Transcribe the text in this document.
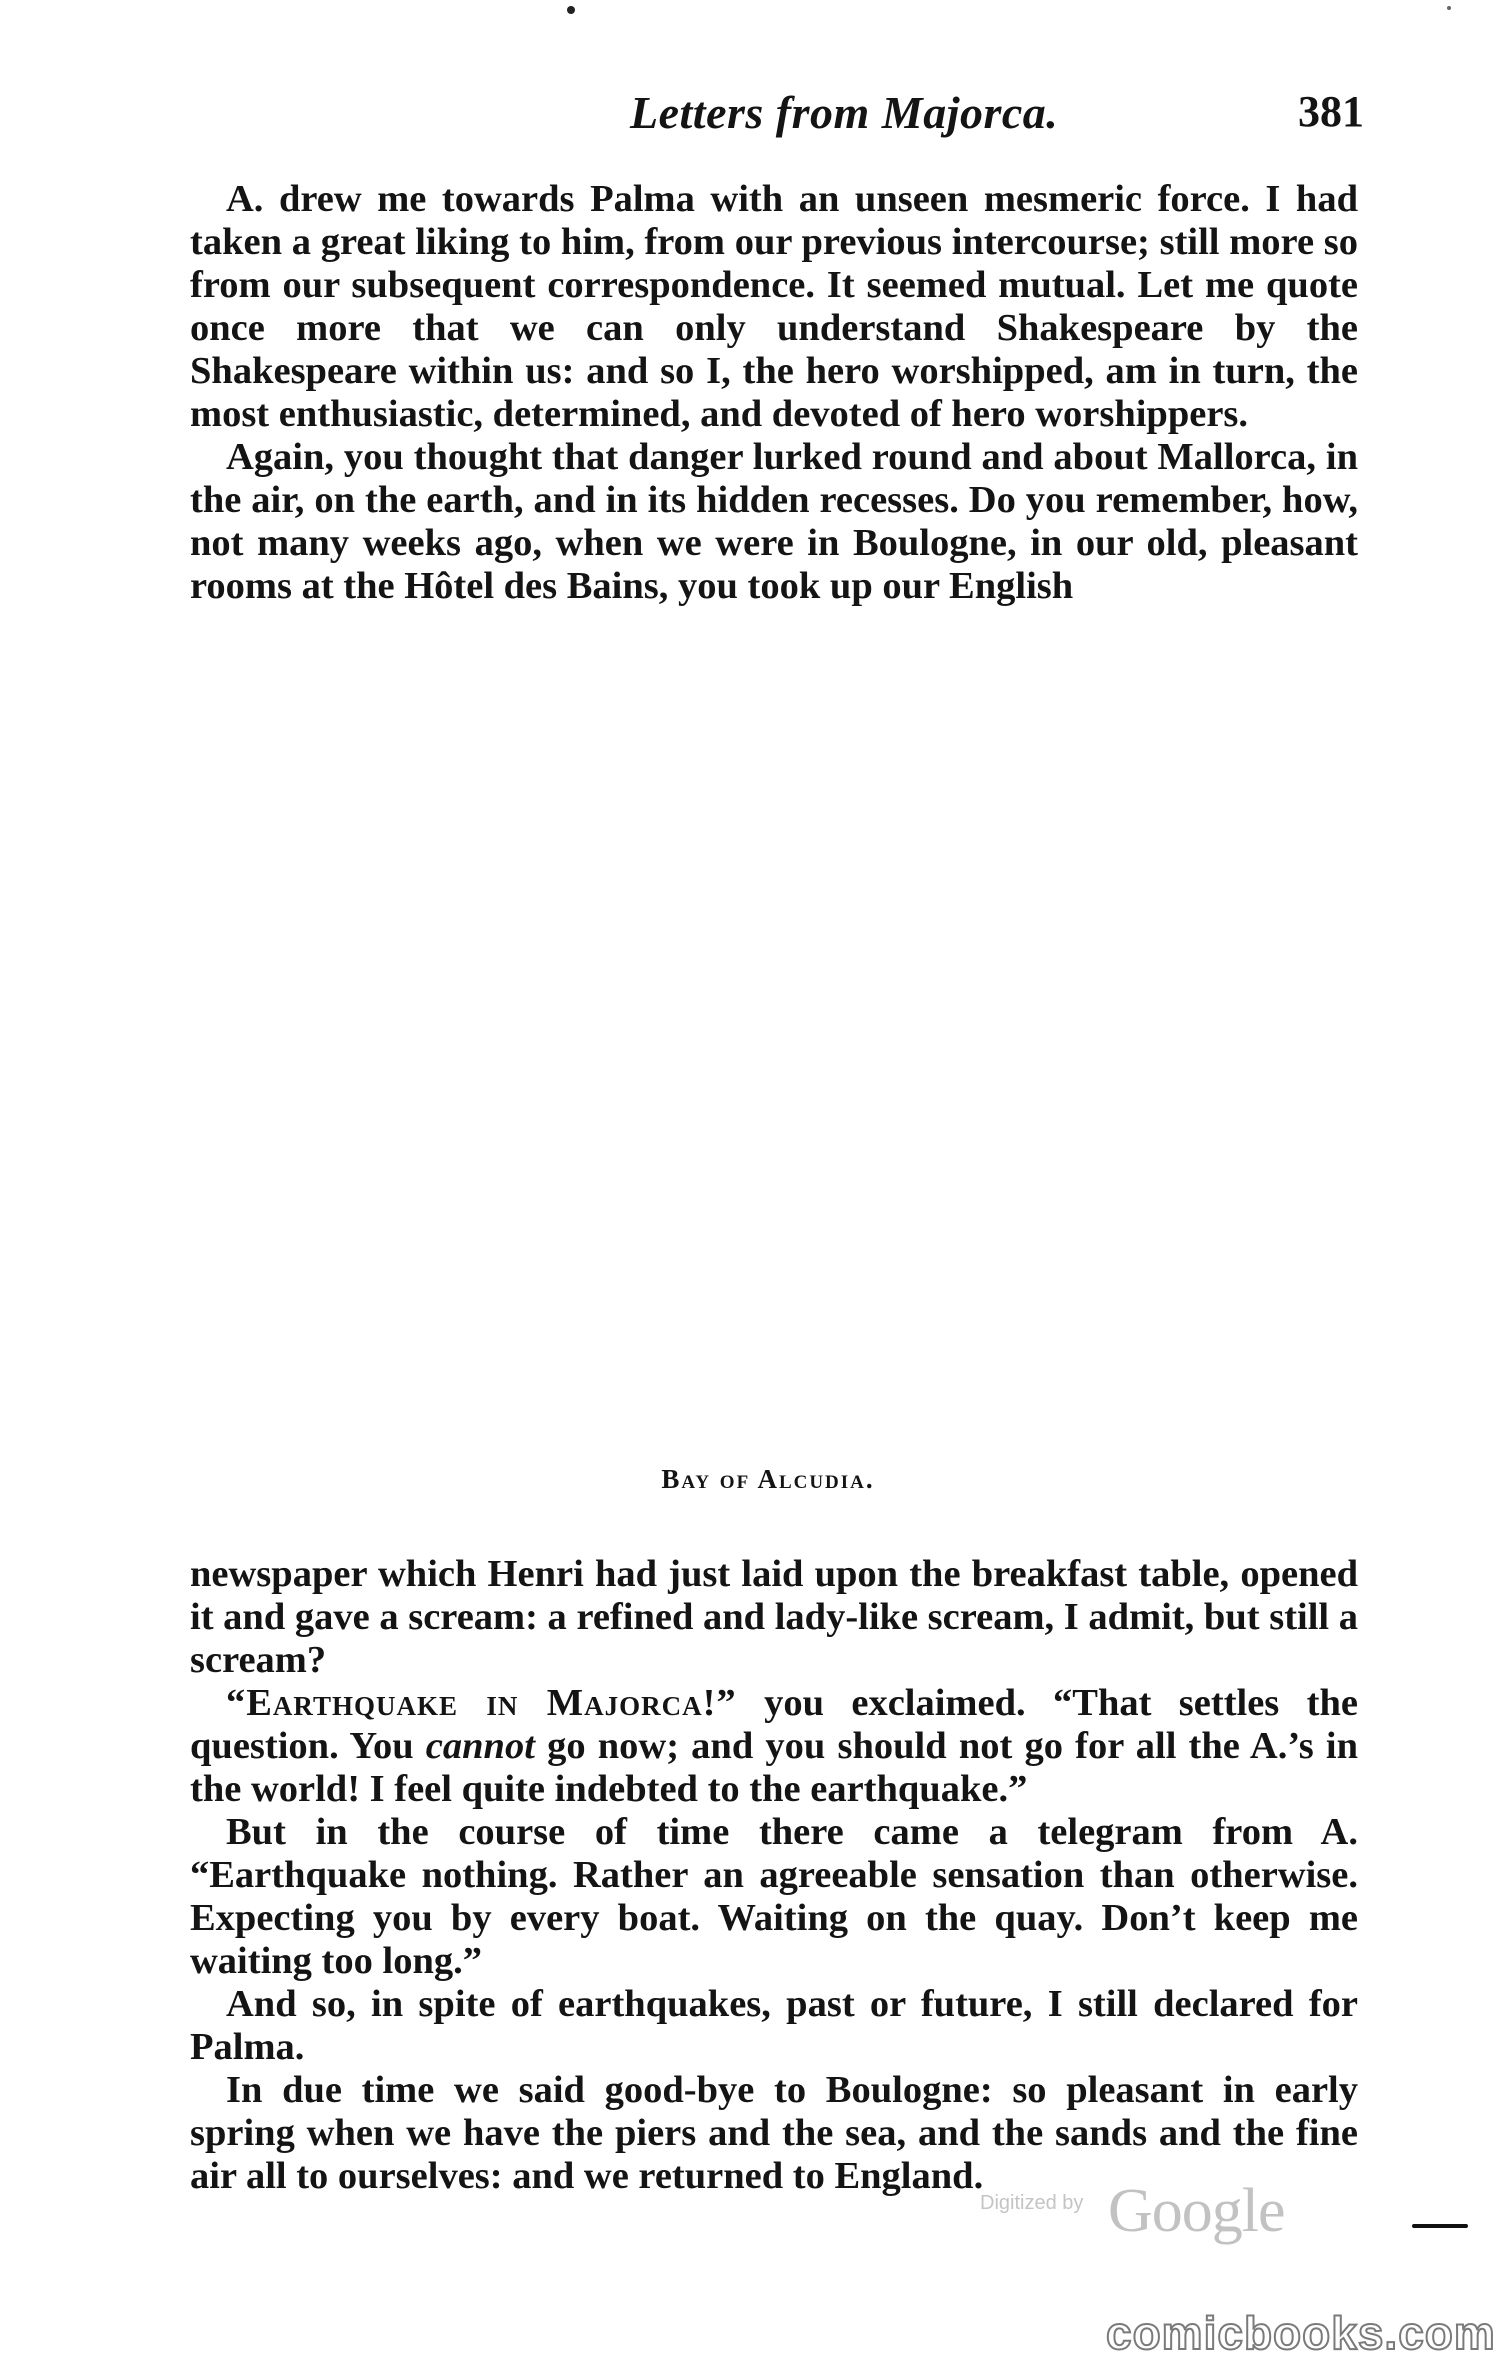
Letters from Majorca.	381

A. drew me towards Palma with an unseen mesmeric force. I had taken a great liking to him, from our previous intercourse; still more so from our subsequent correspondence. It seemed mutual. Let me quote once more that we can only understand Shakespeare by the Shakespeare within us: and so I, the hero worshipped, am in turn, the most enthusiastic, determined, and devoted of hero worshippers.

Again, you thought that danger lurked round and about Mallorca, in the air, on the earth, and in its hidden recesses. Do you remember, how, not many weeks ago, when we were in Boulogne, in our old, pleasant rooms at the Hôtel des Bains, you took up our English

Bay of Alcudia.

newspaper which Henri had just laid upon the breakfast table, opened it and gave a scream: a refined and lady-like scream, I admit, but still a scream?

“Earthquake in Majorca!” you exclaimed. “That settles the question. You cannot go now; and you should not go for all the A.’s in the world! I feel quite indebted to the earthquake.”

But in the course of time there came a telegram from A. “Earthquake nothing. Rather an agreeable sensation than otherwise. Expecting you by every boat. Waiting on the quay. Don’t keep me waiting too long.”

And so, in spite of earthquakes, past or future, I still declared for Palma.

In due time we said good-bye to Boulogne: so pleasant in early spring when we have the piers and the sea, and the sands and the fine air all to ourselves: and we returned to England.

Digitized by Google
comicbooks.com
